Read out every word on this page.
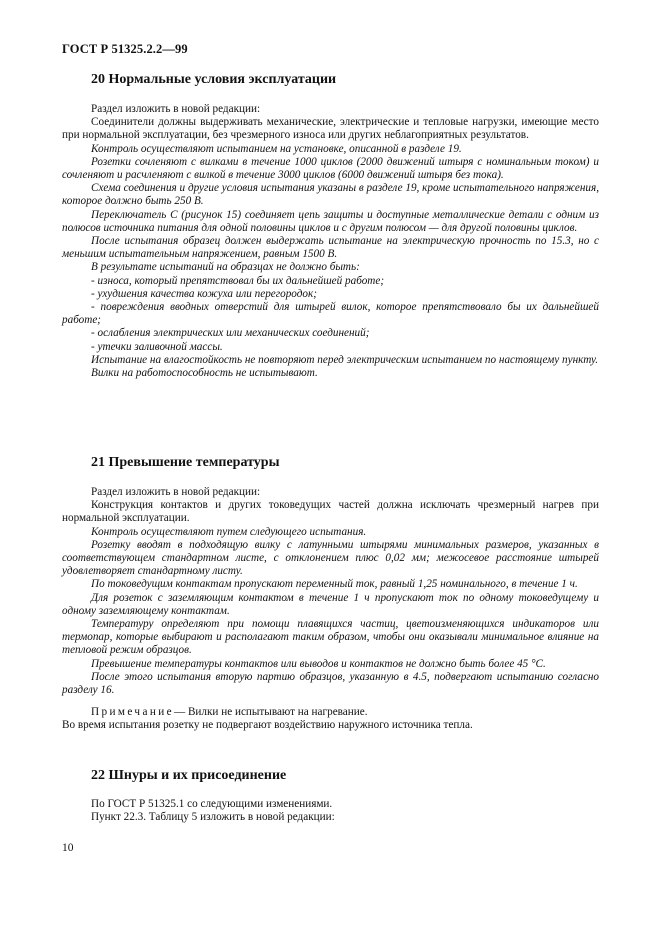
ГОСТ Р 51325.2.2—99
20 Нормальные условия эксплуатации

Раздел изложить в новой редакции:

Соединители должны выдерживать механические, электрические и тепловые нагрузки, имеющие место при нормальной эксплуатации, без чрезмерного износа или других неблагоприятных результатов.

Контроль осуществляют испытанием на установке, описанной в разделе 19.

Розетки сочленяют с вилками в течение 1000 циклов (2000 движений штыря с номинальным током) и сочленяют и расчленяют с вилкой в течение 3000 циклов (6000 движений штыря без тока).

Схема соединения и другие условия испытания указаны в разделе 19, кроме испытательного напряжения, которое должно быть 250 В.

Переключатель С (рисунок 15) соединяет цепь защиты и доступные металлические детали с одним из полюсов источника питания для одной половины циклов и с другим полюсом — для другой половины циклов.

После испытания образец должен выдержать испытание на электрическую прочность по 15.3, но с меньшим испытательным напряжением, равным 1500 В.

В результате испытаний на образцах не должно быть:

- износа, который препятствовал бы их дальнейшей работе;

- ухудшения качества кожуха или перегородок;

- повреждения вводных отверстий для штырей вилок, которое препятствовало бы их дальнейшей работе;

- ослабления электрических или механических соединений;

- утечки заливочной массы.

Испытание на влагостойкость не повторяют перед электрическим испытанием по настоящему пункту.

Вилки на работоспособность не испытывают.

21 Превышение температуры

Раздел изложить в новой редакции:

Конструкция контактов и других токоведущих частей должна исключать чрезмерный нагрев при нормальной эксплуатации.

Контроль осуществляют путем следующего испытания.

Розетку вводят в подходящую вилку с латунными штырями минимальных размеров, указанных в соответствующем стандартном листе, с отклонением плюс 0,02 мм; межосевое расстояние штырей удовлетворяет стандартному листу.

По токоведущим контактам пропускают переменный ток, равный 1,25 номинального, в течение 1 ч.

Для розеток с заземляющим контактом в течение 1 ч пропускают ток по одному токоведущему и одному заземляющему контактам.

Температуру определяют при помощи плавящихся частиц, цветоизменяющихся индикаторов или термопар, которые выбирают и располагают таким образом, чтобы они оказывали минимальное влияние на тепловой режим образцов.

Превышение температуры контактов или выводов и контактов не должно быть более 45 °С.

После этого испытания вторую партию образцов, указанную в 4.5, подвергают испытанию согласно разделу 16.

Примечание— Вилки не испытывают на нагревание.

Во время испытания розетку не подвергают воздействию наружного источника тепла.

22 Шнуры и их присоединение

По ГОСТ Р 51325.1 со следующими изменениями.

Пункт 22.3. Таблицу 5 изложить в новой редакции:

10
